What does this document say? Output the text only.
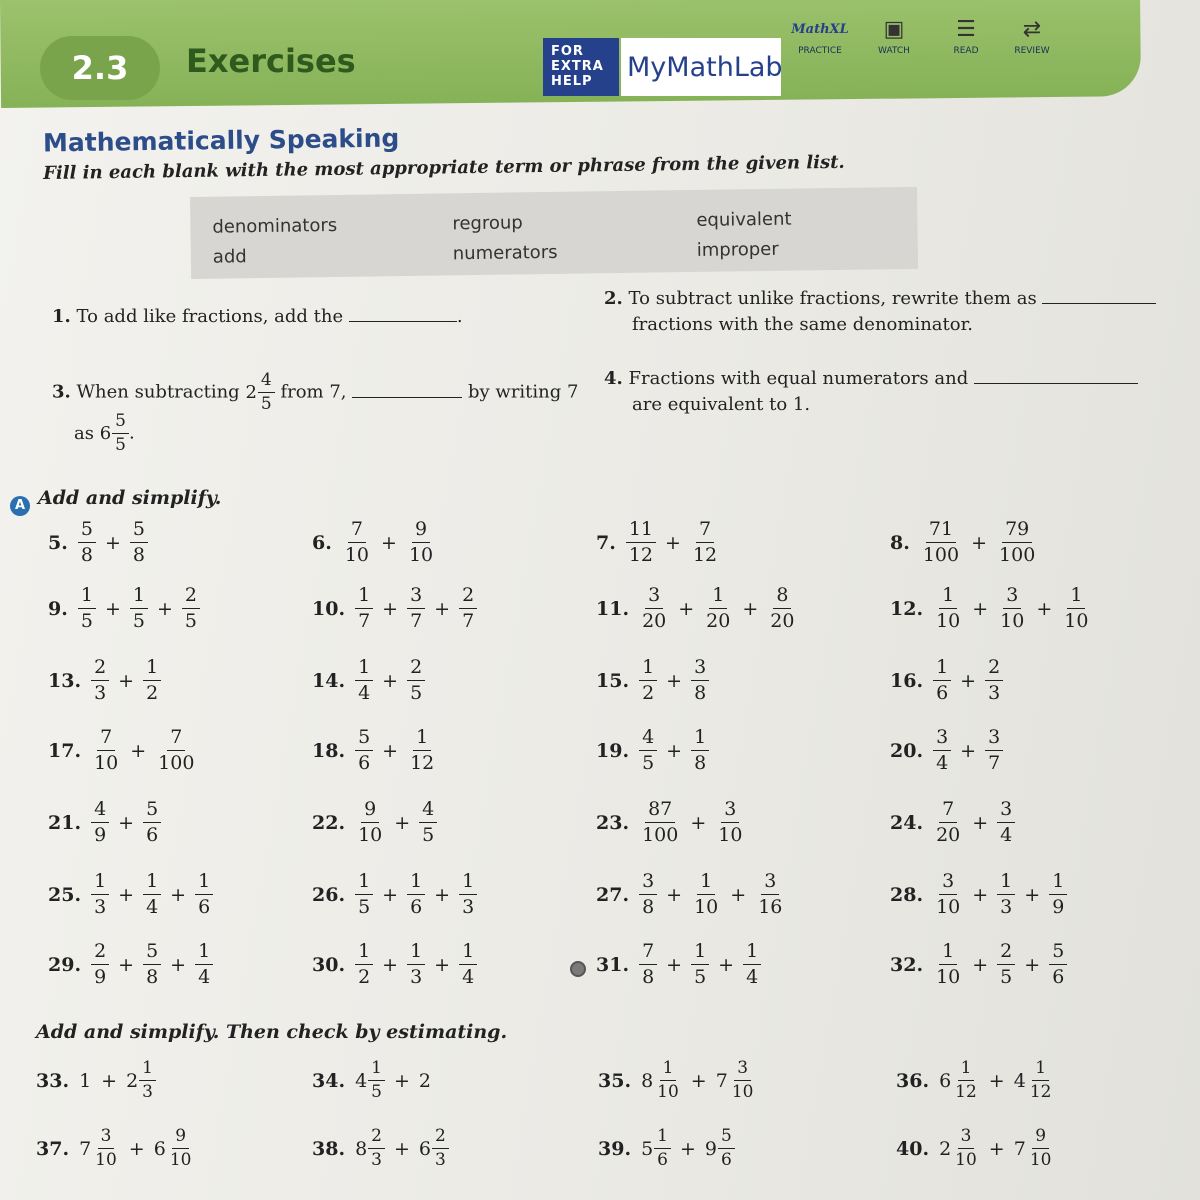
2.3	Exercises	FOR
EXTRA
HELP	MyMathLab
MathXL
PRACTICE
▣
WATCH
☰
READ
⇄
REVIEW
Mathematically Speaking
Fill in each blank with the most appropriate term or phrase from the given list.
denominators
add
regroup
numerators
equivalent
improper
1. To add like fractions, add the	.
2. To subtract unlike fractions, rewrite them as
fractions with the same denominator.
3. When subtracting $2 \frac{4}{5}$ from 7,	by writing 7
as $6 \frac{5}{5}$ .
4. Fractions with equal numerators and
are equivalent to 1.
A Add and simplify.
5. $\frac{5}{8} + \frac{5}{8}$	6. $\frac{7}{10} + \frac{9}{10}$	7. $\frac{11}{12} + \frac{7}{12}$	8. $\frac{71}{100} + \frac{79}{100}$
9. $\frac{1}{5} + \frac{1}{5} + \frac{2}{5}$	10. $\frac{1}{7} + \frac{3}{7} + \frac{2}{7}$	11. $\frac{3}{20} + \frac{1}{20} + \frac{8}{20}$	12. $\frac{1}{10} + \frac{3}{10} + \frac{1}{10}$
13. $\frac{2}{3} + \frac{1}{2}$	14. $\frac{1}{4} + \frac{2}{5}$	15. $\frac{1}{2} + \frac{3}{8}$	16. $\frac{1}{6} + \frac{2}{3}$
17. $\frac{7}{10} + \frac{7}{100}$	18. $\frac{5}{6} + \frac{1}{12}$	19. $\frac{4}{5} + \frac{1}{8}$	20. $\frac{3}{4} + \frac{3}{7}$
21. $\frac{4}{9} + \frac{5}{6}$	22. $\frac{9}{10} + \frac{4}{5}$	23. $\frac{87}{100} + \frac{3}{10}$	24. $\frac{7}{20} + \frac{3}{4}$
25. $\frac{1}{3} + \frac{1}{4} + \frac{1}{6}$	26. $\frac{1}{5} + \frac{1}{6} + \frac{1}{3}$	27. $\frac{3}{8} + \frac{1}{10} + \frac{3}{16}$	28. $\frac{3}{10} + \frac{1}{3} + \frac{1}{9}$
29. $\frac{2}{9} + \frac{5}{8} + \frac{1}{4}$	30. $\frac{1}{2} + \frac{1}{3} + \frac{1}{4}$	31. $\frac{7}{8} + \frac{1}{5} + \frac{1}{4}$	32. $\frac{1}{10} + \frac{2}{5} + \frac{5}{6}$
Add and simplify. Then check by estimating.
33. $1 + 2 \frac{1}{3}$	34. $4 \frac{1}{5} + 2$	35. $8 \frac{1}{10} + 7 \frac{3}{10}$	36. $6 \frac{1}{12} + 4 \frac{1}{12}$
37. $7 \frac{3}{10} + 6 \frac{9}{10}$	38. $8 \frac{2}{3} + 6 \frac{2}{3}$	39. $5 \frac{1}{6} + 9 \frac{5}{6}$	40. $2 \frac{3}{10} + 7 \frac{9}{10}$
